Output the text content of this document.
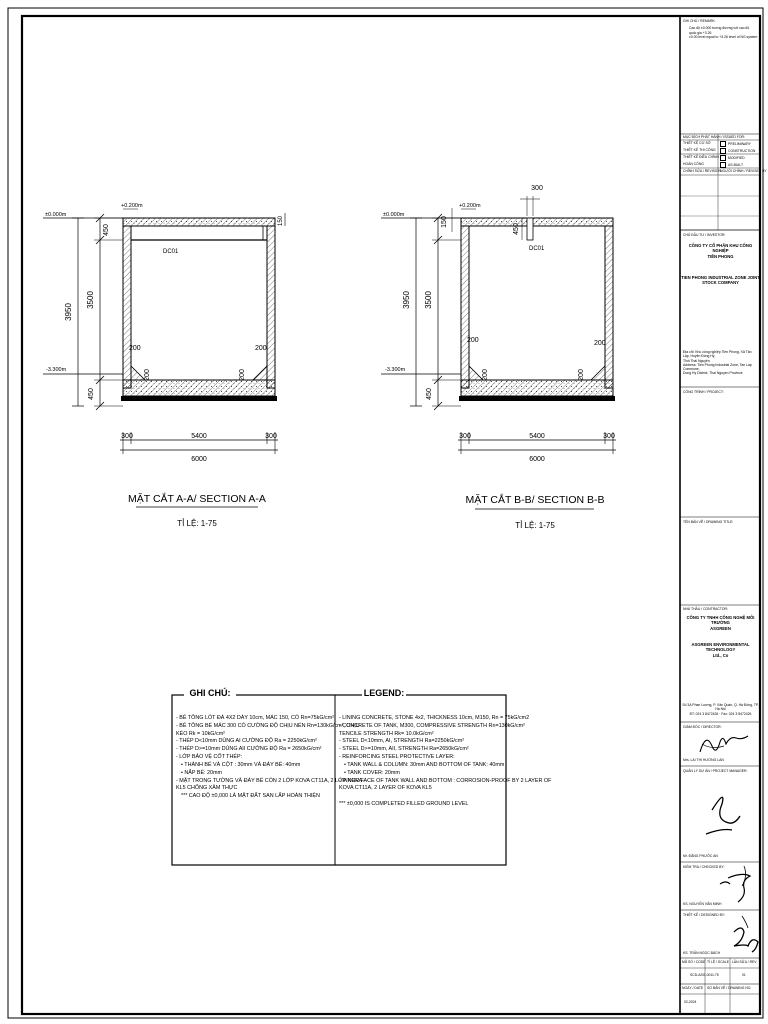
3950
3500
450
450
150
±0.000m
+0.200m
-3.300m
DC01
200	200
200	200
300	5400	300
6000
MẶT CẮT A-A/ SECTION A-A
TỈ LỆ: 1-75
300
3950 3500
150
450
450
±0.000m
+0.200m
-3.300m
DC01
200	200
200	200
300	5400	300
6000
MẶT CẮT B-B/ SECTION B-B
TỈ LỆ: 1-75
GHI CHÚ:	LEGEND:
- BÊ TÔNG LÓT ĐÁ 4X2 DÀY 10cm, MÁC 150, CÓ Rn=75kG/cm²
- BÊ TÔNG BỂ MÁC 300 CÓ CƯỜNG ĐỘ CHỊU NÉN Rn=130kG/cm², CHỊU
KÉO Rk = 10kG/cm²
- THÉP D<10mm DÙNG AI CƯỜNG ĐỘ Ra = 2250kG/cm²
- THÉP D>=10mm DÙNG AII CƯỜNG ĐỘ Ra = 2650kG/cm²
- LỚP BẢO VỆ CỐT THÉP:
• THÀNH BỂ VÀ CỘT : 30mm VÀ ĐÁY BỂ: 40mm
• NẮP BỂ: 20mm
- MẶT TRONG TƯỜNG VÀ ĐÁY BỂ CÓN 2 LỚP KOVA CT11A, 2 LỚP KOVA
KL5 CHỐNG XÂM THỰC
*** CAO ĐỘ ±0,000 LÀ MẶT ĐẤT SAN LẤP HOÀN THIỆN
- LINING CONCRETE, STONE 4x2, THICKNESS 10cm, M150, Rn = 75kG/cm2
- CONCRETE OF TANK, M300, COMPRESSIVE STRENGTH Rn=130kG/cm²
TENCILE STRENGTH Rk= 10.0kG/cm²
- STEEL D<10mm, AI, STRENGTH Ra=2250kG/cm²
- STEEL D>=10mm, AII, STRENGTH Ra=2650kG/cm²
- REINFORCING STEEL PROTECTIVE LAYER:
• TANK WALL & COLUMN: 30mm AND BOTTOM OF TANK: 40mm
• TANK COVER: 20mm
- INNER FACE OF TANK WALL AND BOTTOM : CORROSION-PROOF BY 2 LAYER OF
KOVA CT11A, 2 LAYER OF KOVA KL5

*** ±0,000 IS COMPLETED FILLED GROUND LEVEL
GHI CHÚ / REMARK:
Cao độ ±0.000 tương đương với cao độ
quốc gia +3.26
±0.00 level equal to +3.26 level of NG system
MỤC ĐÍCH PHÁT HÀNH / ISSUED FOR:
THIẾT KẾ CƠ SỞ	PRELIMINARY
THIẾT KẾ THI CÔNG	CONSTRUCTION
THIẾT KẾ ĐIỀU CHỈNH	MODIFIED
HOÀN CÔNG	AS-BUILT
CHỈNH SỬA / REVISION NGƯỜI CHỈNH / REVISED BY
CHỦ ĐẦU TƯ / INVESTOR:
CÔNG TY CỔ PHẦN KHU CÔNG NGHIỆP
TIỀN PHONG
TIEN PHONG INDUSTRIAL ZONE JOINT
STOCK COMPANY
Địa chỉ: Khu công nghiệp Tiền Phong, Xã Tân Lập, Huyện Đồng Hỷ,
Tỉnh Thái Nguyên
Address: Tien Phong Industrial Zone, Tan Lap Commune,
Dong Hy District, Thai Nguyen Province
CÔNG TRÌNH / PROJECT:
TÊN BẢN VẼ / DRAWING TITLE:
NHÀ THẦU / CONTRACTOR:
CÔNG TY TNHH CÔNG NGHỆ MÔI TRƯỜNG
ASGREEN
ASGREEN ENVIRONMENTAL TECHNOLOGY
Ltd., Co
Số 3A Phan Lượng, P. Văn Quán, Q. Hà Đông, TP. Hà Nội
ĐT: 024 3 8472426 · Fax: 024 3 8472426
GIÁM ĐỐC / DIRECTOR:
Mrs. LẠI THỊ HƯƠNG LAN
QUẢN LÝ DỰ ÁN / PROJECT MANAGER:
Mr. ĐẶNG PHƯỚC AN
KIỂM TRA / CHECKED BY:
KS. NGUYỄN VĂN MINH
THIẾT KẾ / DESIGNED BY:
KS. TRẦN NGỌC BÁCH
MÃ SỐ / CODE TỈ LỆ / SCALE LẦN SỬA / REV
SCD-ASG-001 1:75	01
NGÀY / DATE SỐ BẢN VẼ / DRAWING NO.
02-2024
